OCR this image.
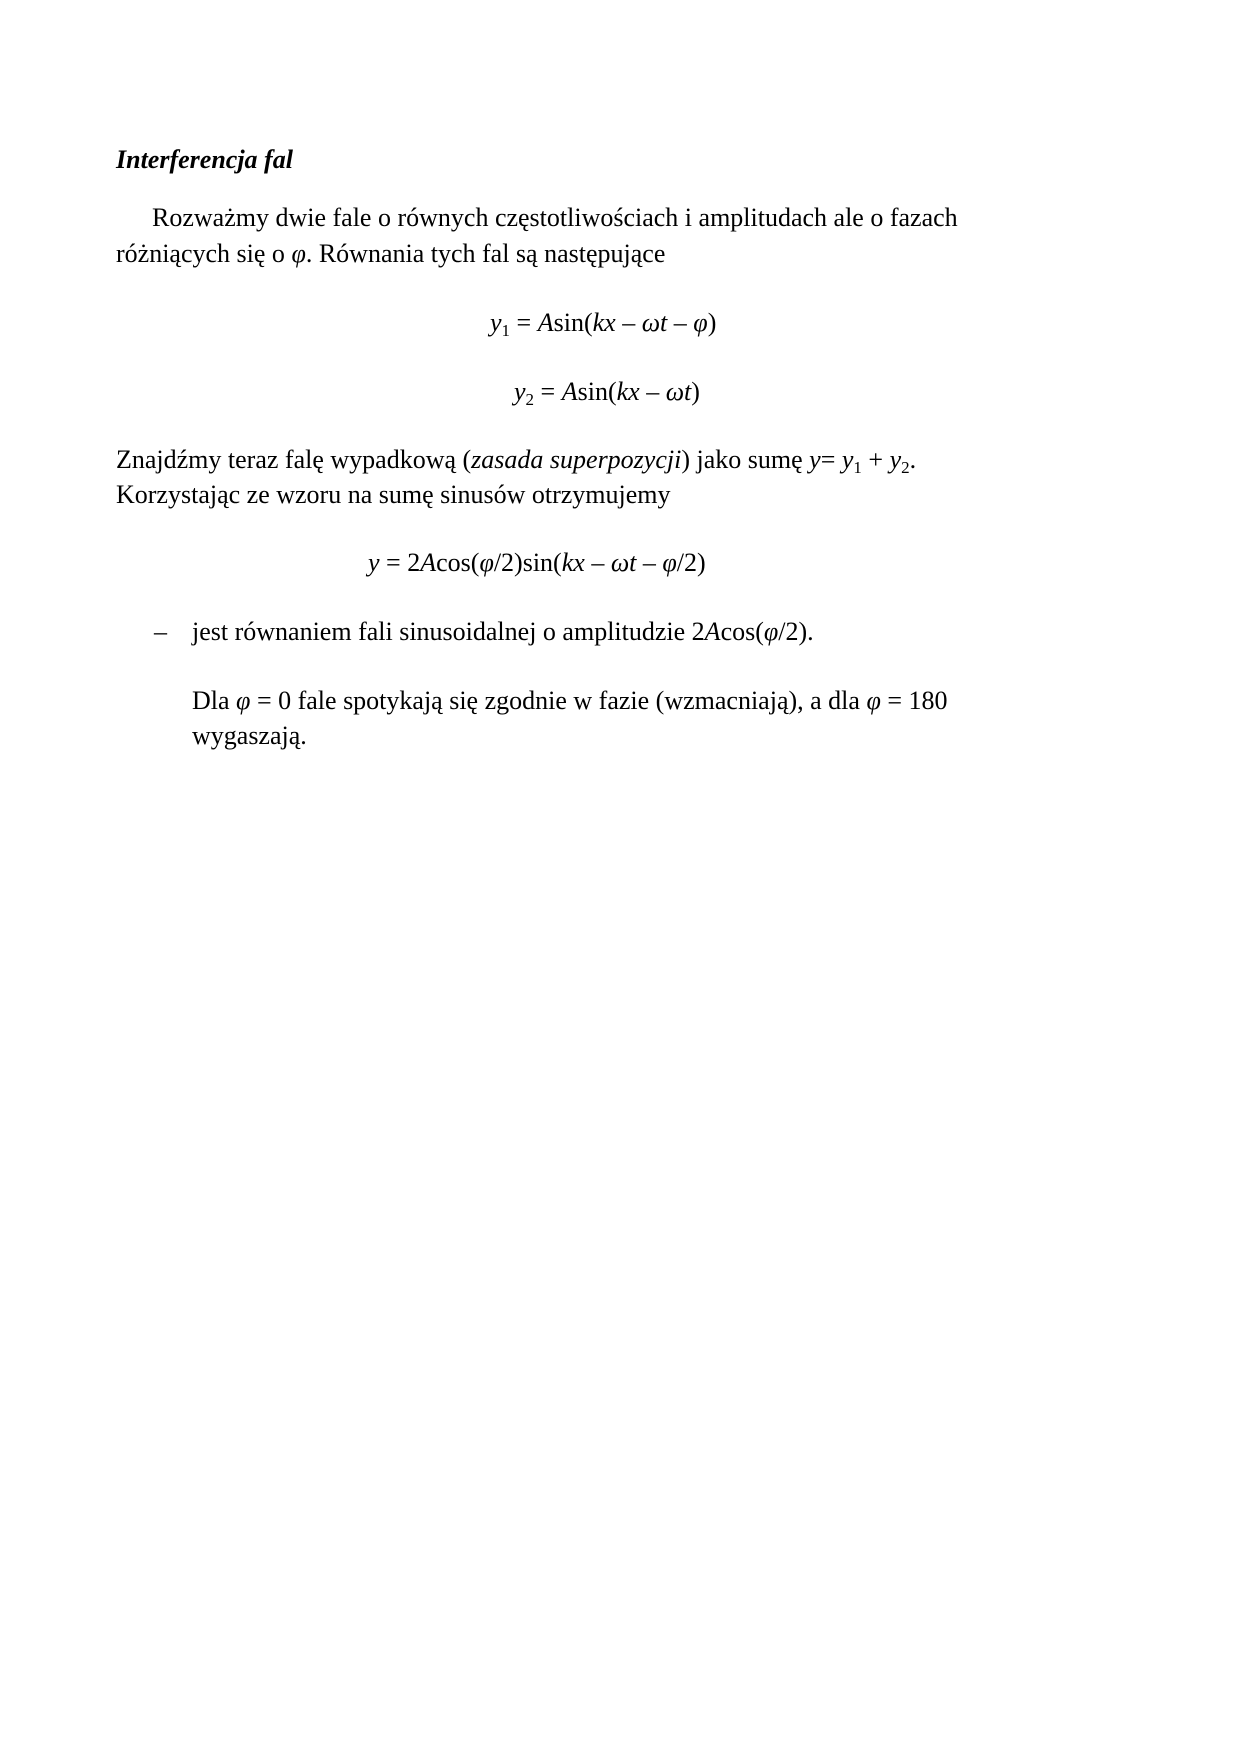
Interferencja fal
Rozważmy dwie fale o równych częstotliwościach i amplitudach ale o fazach
różniących się o φ. Równania tych fal są następujące
$y_1 = Asin(kx - \omega t - \varphi)$
$y_2 = Asin(kx - \omega t)$
Znajdźmy teraz falę wypadkową (zasada superpozycji) jako sumę $y= y_1 + y_2$.
Korzystając ze wzoru na sumę sinusów otrzymujemy
y = 2Acos(φ/2)sin(kx – ωt – φ/2)
– jest równaniem fali sinusoidalnej o amplitudzie 2Acos(φ/2).
Dla φ = 0 fale spotykają się zgodnie w fazie (wzmacniają), a dla φ = 180
wygaszają.
